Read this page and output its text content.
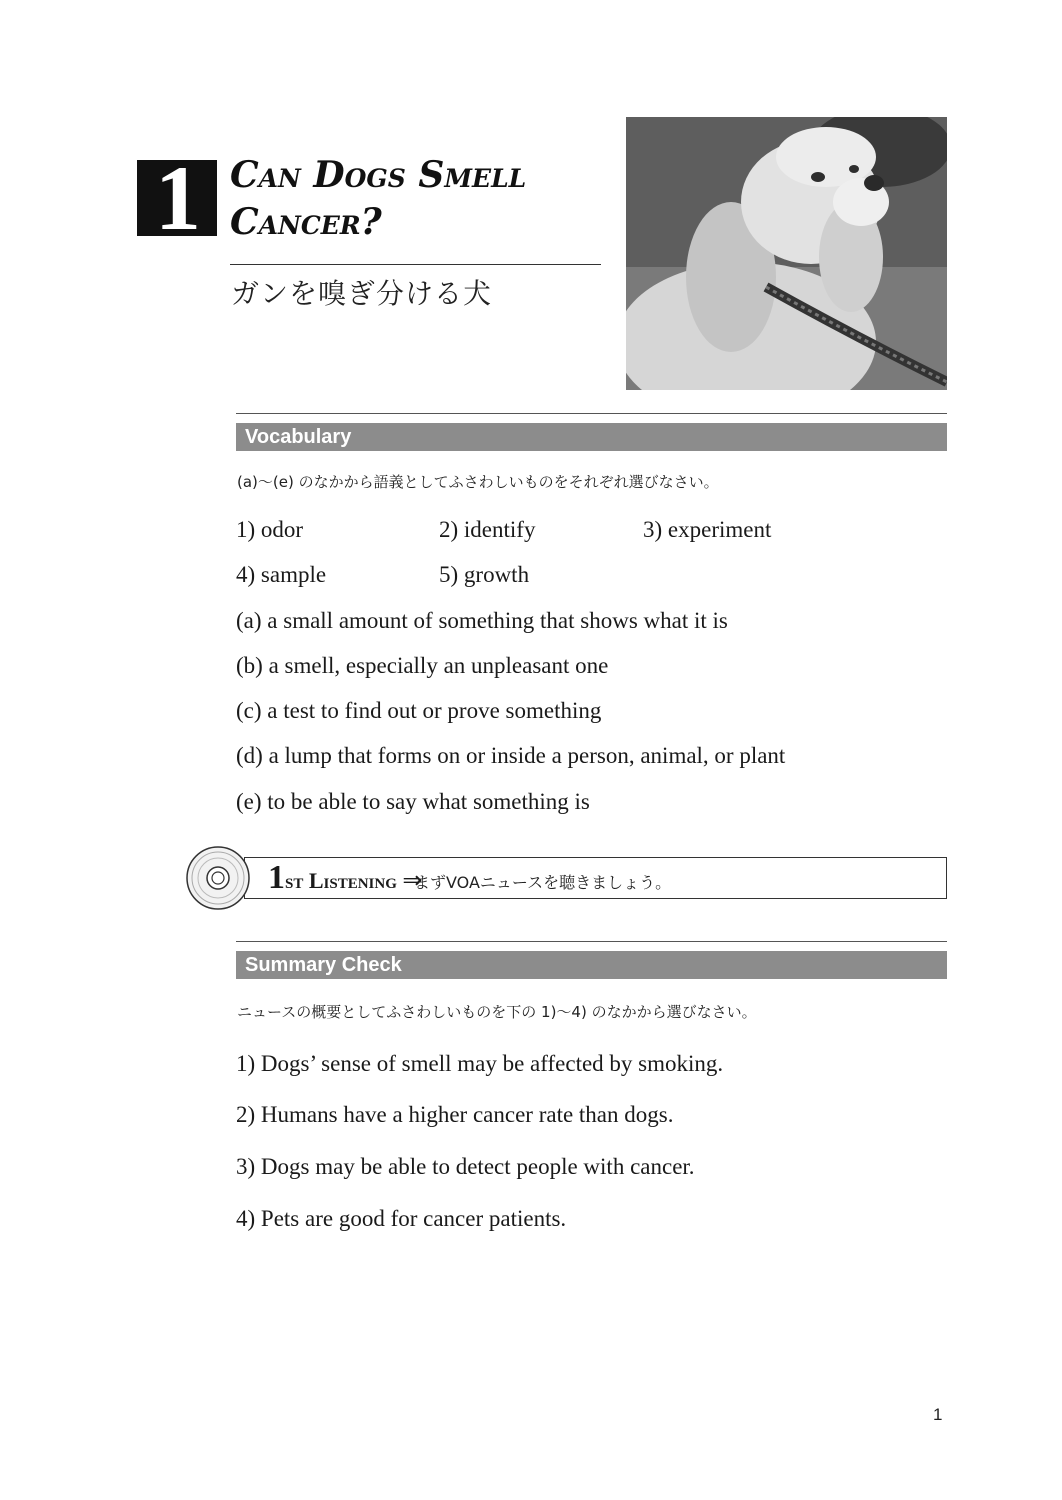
1 Can Dogs Smell
Cancer?
ガンを嗅ぎ分ける犬
Vocabulary
(a)〜(e) のなかから語義としてふさわしいものをそれぞれ選びなさい。
1) odor	2) identify	3) experiment
4) sample	5) growth
(a) a small amount of something that shows what it is
(b) a smell, especially an unpleasant one
(c) a test to find out or prove something
(d) a lump that forms on or inside a person, animal, or plant
(e) to be able to say what something is
1st Listening ⇒
まずVOAニュースを聴きましょう。
Summary Check
ニュースの概要としてふさわしいものを下の 1)〜4) のなかから選びなさい。
1) Dogs’ sense of smell may be affected by smoking.
2) Humans have a higher cancer rate than dogs.
3) Dogs may be able to detect people with cancer.
4) Pets are good for cancer patients.
1
